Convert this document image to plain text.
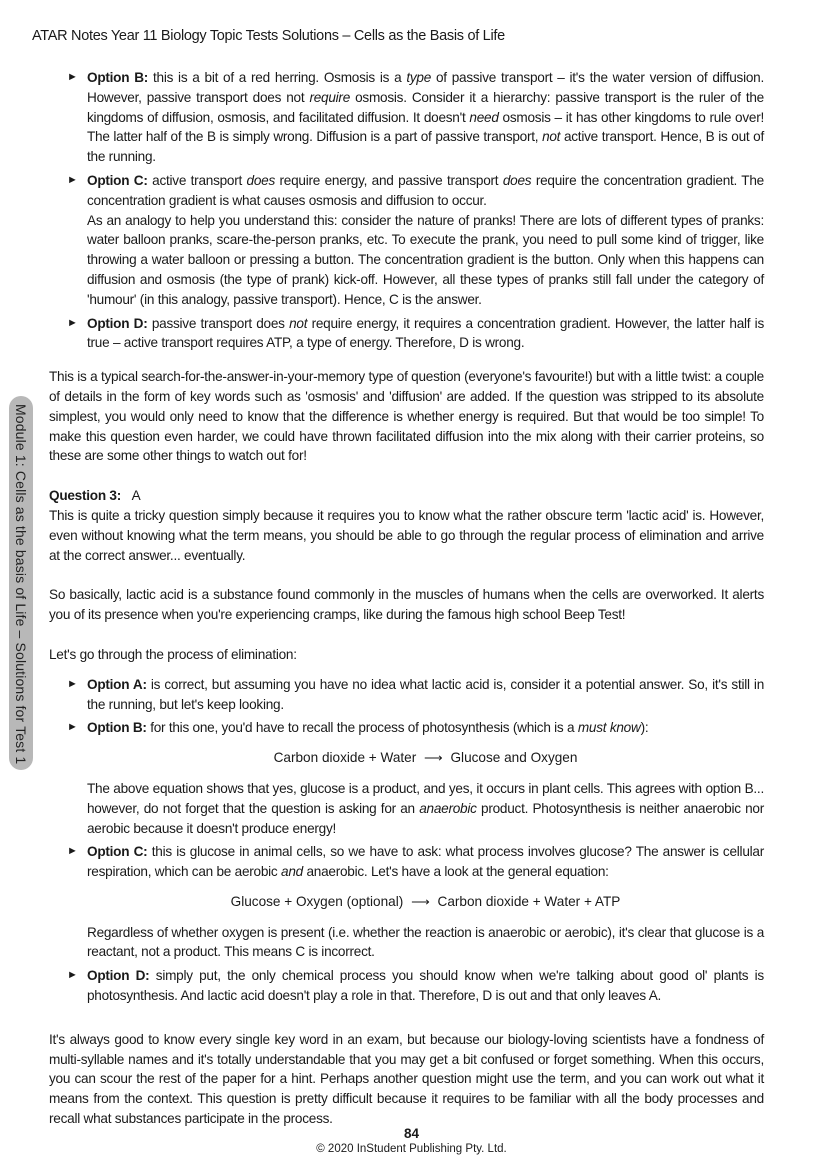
ATAR Notes Year 11 Biology Topic Tests Solutions – Cells as the Basis of Life
Module 1: Cells as the basis of Life – Solutions for Test 1
► Option B: this is a bit of a red herring. Osmosis is a type of passive transport – it's the water version of diffusion. However, passive transport does not require osmosis. Consider it a hierarchy: passive transport is the ruler of the kingdoms of diffusion, osmosis, and facilitated diffusion. It doesn't need osmosis – it has other kingdoms to rule over! The latter half of the B is simply wrong. Diffusion is a part of passive transport, not active transport. Hence, B is out of the running.
► Option C: active transport does require energy, and passive transport does require the concentration gradient. The concentration gradient is what causes osmosis and diffusion to occur.

As an analogy to help you understand this: consider the nature of pranks! There are lots of different types of pranks: water balloon pranks, scare-the-person pranks, etc. To execute the prank, you need to pull some kind of trigger, like throwing a water balloon or pressing a button. The concentration gradient is the button. Only when this happens can diffusion and osmosis (the type of prank) kick-off. However, all these types of pranks still fall under the category of 'humour' (in this analogy, passive transport). Hence, C is the answer.

► Option D: passive transport does not require energy, it requires a concentration gradient. However, the latter half is true – active transport requires ATP, a type of energy. Therefore, D is wrong.

This is a typical search-for-the-answer-in-your-memory type of question (everyone's favourite!) but with a little twist: a couple of details in the form of key words such as 'osmosis' and 'diffusion' are added. If the question was stripped to its absolute simplest, you would only need to know that the difference is whether energy is required. But that would be too simple! To make this question even harder, we could have thrown facilitated diffusion into the mix along with their carrier proteins, so these are some other things to watch out for!

Question 3: A

This is quite a tricky question simply because it requires you to know what the rather obscure term 'lactic acid' is. However, even without knowing what the term means, you should be able to go through the regular process of elimination and arrive at the correct answer... eventually.

So basically, lactic acid is a substance found commonly in the muscles of humans when the cells are overworked. It alerts you of its presence when you're experiencing cramps, like during the famous high school Beep Test!

Let's go through the process of elimination:

► Option A: is correct, but assuming you have no idea what lactic acid is, consider it a potential answer. So, it's still in the running, but let's keep looking.
► Option B: for this one, you'd have to recall the process of photosynthesis (which is a must know):
Carbon dioxide + Water ⟶ Glucose and Oxygen

The above equation shows that yes, glucose is a product, and yes, it occurs in plant cells. This agrees with option B... however, do not forget that the question is asking for an anaerobic product. Photosynthesis is neither anaerobic nor aerobic because it doesn't produce energy!

► Option C: this is glucose in animal cells, so we have to ask: what process involves glucose? The answer is cellular respiration, which can be aerobic and anaerobic. Let's have a look at the general equation:
Glucose + Oxygen (optional) ⟶ Carbon dioxide + Water + ATP

Regardless of whether oxygen is present (i.e. whether the reaction is anaerobic or aerobic), it's clear that glucose is a reactant, not a product. This means C is incorrect.

► Option D: simply put, the only chemical process you should know when we're talking about good ol' plants is photosynthesis. And lactic acid doesn't play a role in that. Therefore, D is out and that only leaves A.

It's always good to know every single key word in an exam, but because our biology-loving scientists have a fondness of multi-syllable names and it's totally understandable that you may get a bit confused or forget something. When this occurs, you can scour the rest of the paper for a hint. Perhaps another question might use the term, and you can work out what it means from the context. This question is pretty difficult because it requires to be familiar with all the body processes and recall what substances participate in the process.

84
© 2020 InStudent Publishing Pty. Ltd.
